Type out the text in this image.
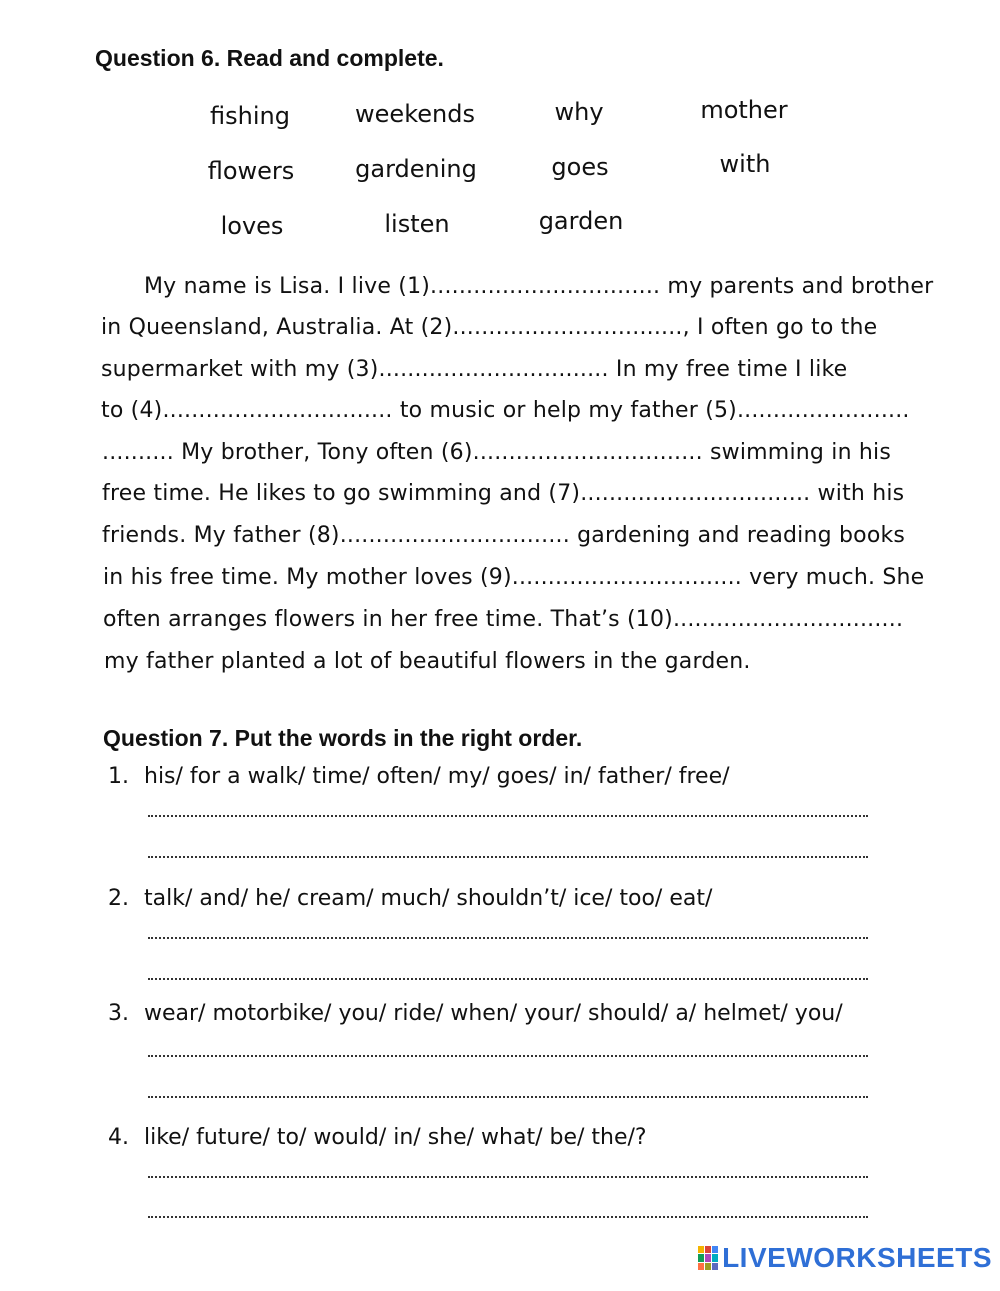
Question 6. Read and complete.
fishing	weekends	why	mother
flowers	gardening	goes	with
loves	listen	garden
My name is Lisa. I live (1)................................ my parents and brother
in Queensland, Australia. At (2)................................, I often go to the
supermarket with my (3)................................ In my free time I like
to (4)................................ to music or help my father (5)........................
.......... My brother, Tony often (6)................................ swimming in his
free time. He likes to go swimming and (7)................................ with his
friends. My father (8)................................ gardening and reading books
in his free time. My mother loves (9)................................ very much. She
often arranges flowers in her free time. That’s (10)................................
my father planted a lot of beautiful flowers in the garden.
Question 7. Put the words in the right order.
1. his/ for a walk/ time/ often/ my/ goes/ in/ father/ free/
2. talk/ and/ he/ cream/ much/ shouldn’t/ ice/ too/ eat/
3. wear/ motorbike/ you/ ride/ when/ your/ should/ a/ helmet/ you/
4. like/ future/ to/ would/ in/ she/ what/ be/ the/?
LIVEWORKSHEETS
